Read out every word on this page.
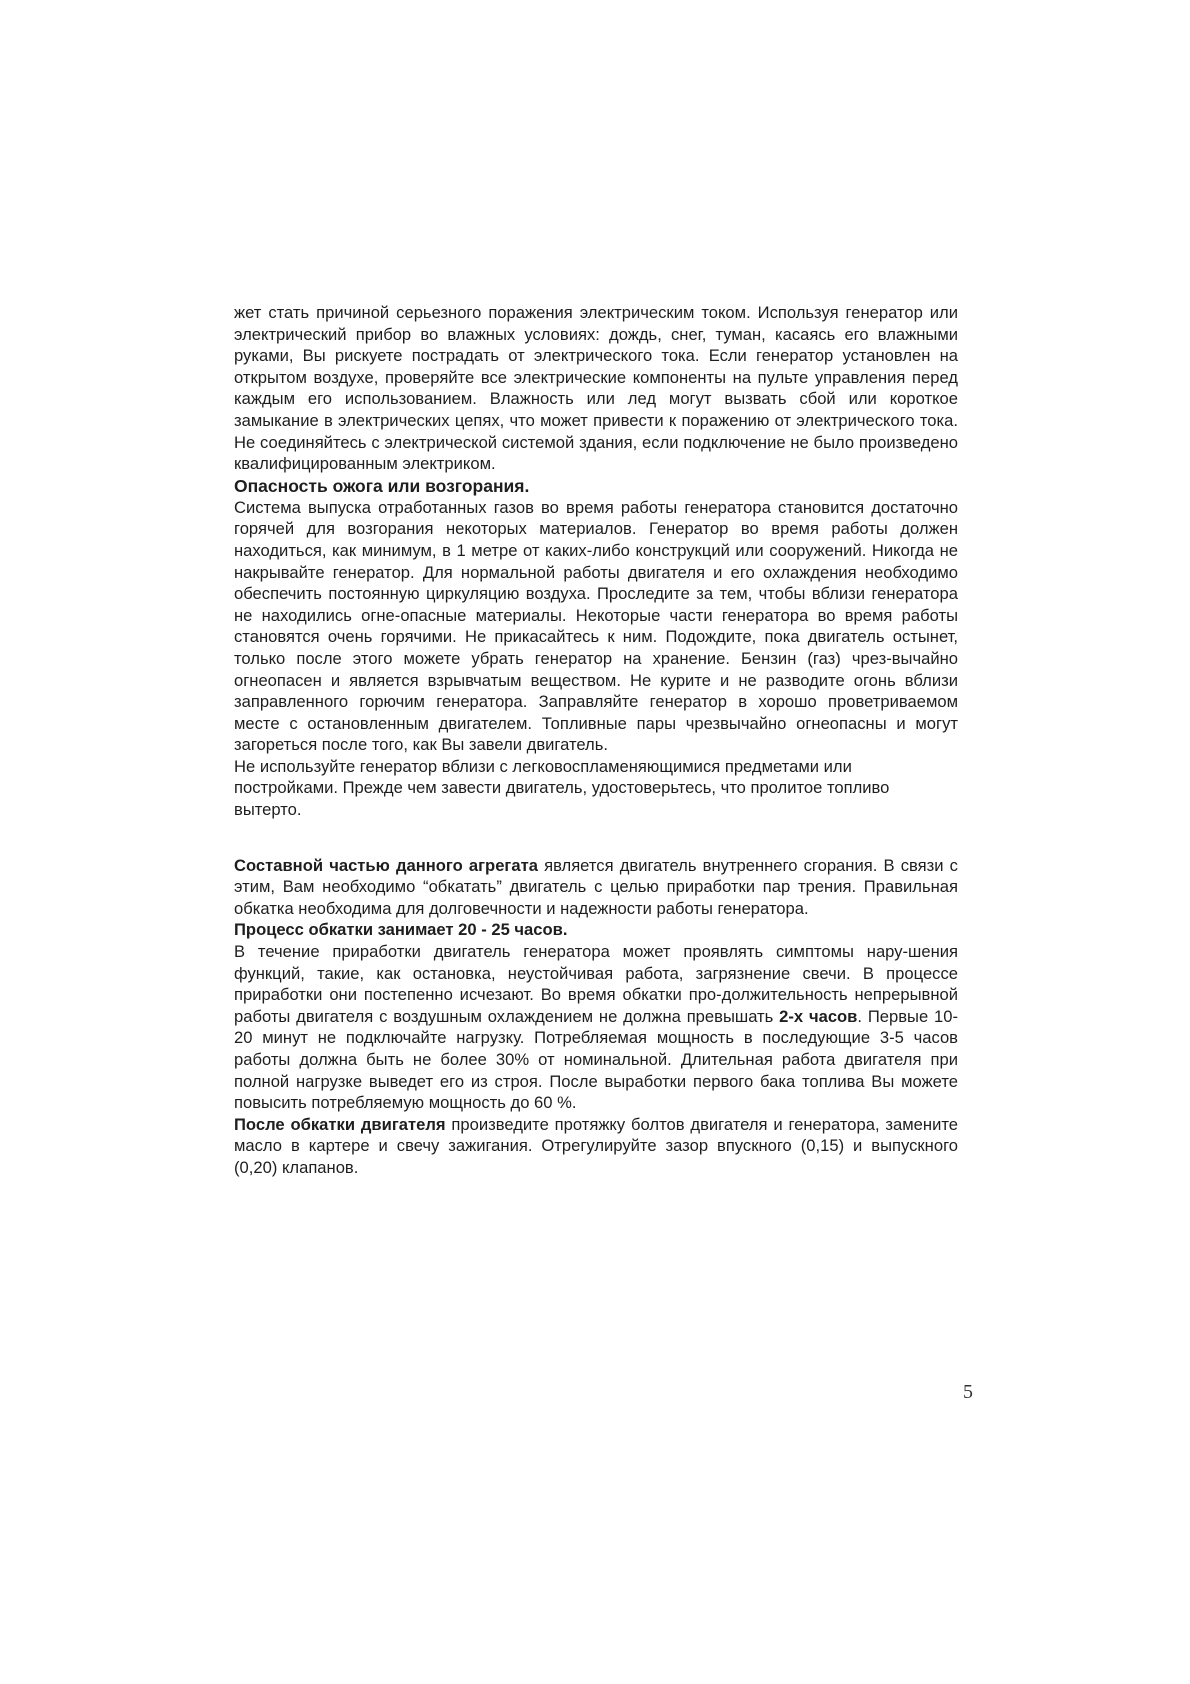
жет стать причиной серьезного поражения электрическим током. Используя генератор или электрический прибор во влажных условиях: дождь, снег, туман, касаясь его влажными руками, Вы рискуете пострадать от электрического тока. Если генератор установлен на открытом воздухе, проверяйте все электрические компоненты на пульте управления перед каждым его использованием. Влажность или лед могут вызвать сбой или короткое замыкание в электрических цепях, что может привести к поражению от электрического тока. Не соединяйтесь с электрической системой здания, если подключение не было произведено квалифицированным электриком.

Опасность ожога или возгорания.

Система выпуска отработанных газов во время работы генератора становится достаточно горячей для возгорания некоторых материалов. Генератор во время работы должен находиться, как минимум, в 1 метре от каких-либо конструкций или сооружений. Никогда не накрывайте генератор. Для нормальной работы двигателя и его охлаждения необходимо обеспечить постоянную циркуляцию воздуха. Проследите за тем, чтобы вблизи генератора не находились огне-опасные материалы. Некоторые части генератора во время работы становятся очень горячими. Не прикасайтесь к ним. Подождите, пока двигатель остынет, только после этого можете убрать генератор на хранение. Бензин (газ) чрез-вычайно огнеопасен и является взрывчатым веществом. Не курите и не разводите огонь вблизи заправленного горючим генератора. Заправляйте генератор в хорошо проветриваемом месте с остановленным двигателем. Топливные пары чрезвычайно огнеопасны и могут загореться после того, как Вы завели двигатель.

Не используйте генератор вблизи с легковоспламеняющимися предметами или постройками. Прежде чем завести двигатель, удостоверьтесь, что пролитое топливо вытерто.

Составной частью данного агрегата является двигатель внутреннего сгорания. В связи с этим, Вам необходимо “обкатать” двигатель с целью приработки пар трения. Правильная обкатка необходима для долговечности и надежности работы генератора.

Процесс обкатки занимает 20 - 25 часов.

В течение приработки двигатель генератора может проявлять симптомы нару-шения функций, такие, как остановка, неустойчивая работа, загрязнение свечи. В процессе приработки они постепенно исчезают. Во время обкатки про-должительность непрерывной работы двигателя с воздушным охлаждением не должна превышать 2-х часов. Первые 10-20 минут не подключайте нагрузку. Потребляемая мощность в последующие 3-5 часов работы должна быть не более 30% от номинальной. Длительная работа двигателя при полной нагрузке выведет его из строя. После выработки первого бака топлива Вы можете повысить потребляемую мощность до 60 %.

После обкатки двигателя произведите протяжку болтов двигателя и генератора, замените масло в картере и свечу зажигания. Отрегулируйте зазор впускного (0,15) и выпускного (0,20) клапанов.

5
